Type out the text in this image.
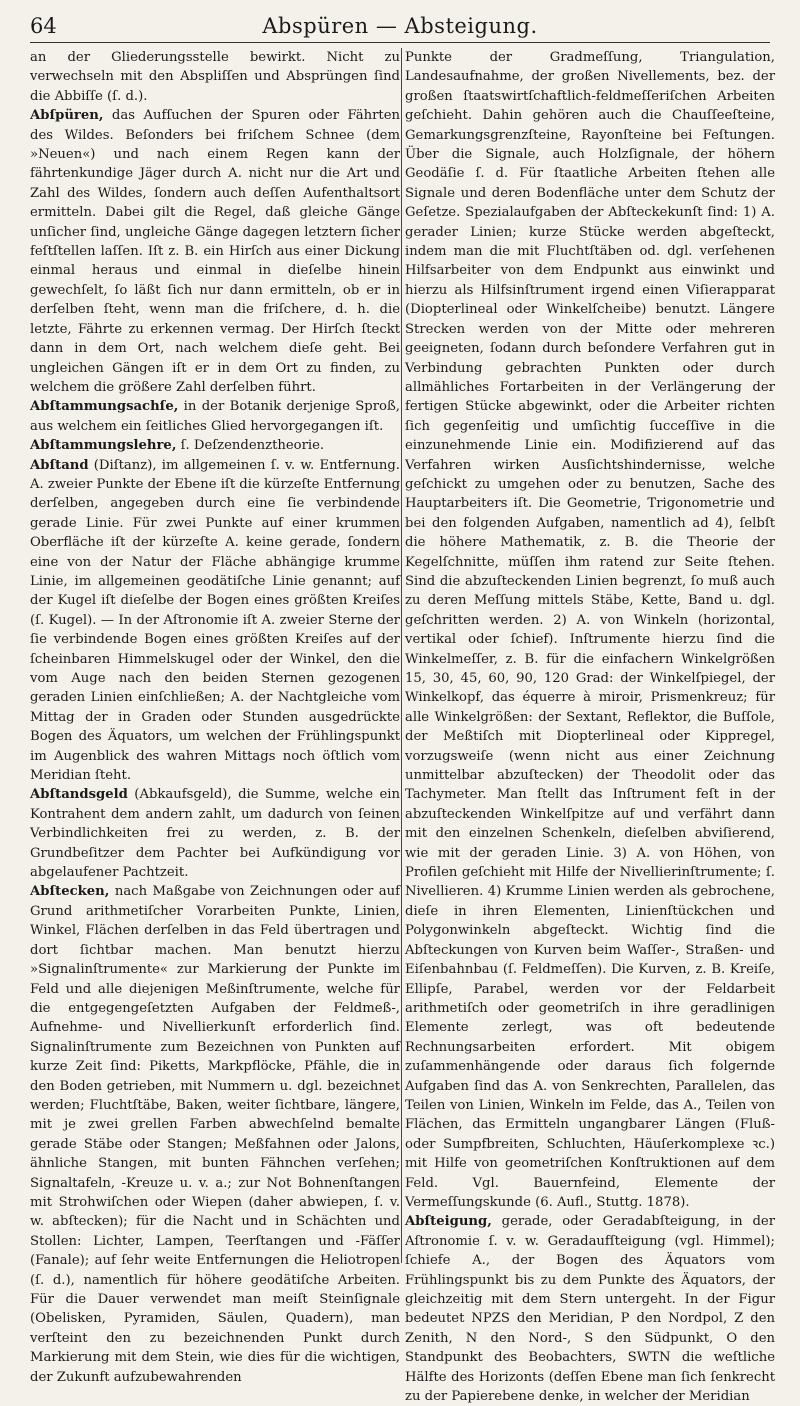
64	Abspüren — Absteigung.

an der Gliederungsstelle bewirkt. Nicht zu verwechseln mit den Abspliſſen und Absprüngen ſind die Abbiſſe (ſ. d.).

Abſpüren, das Aufſuchen der Spuren oder Fährten des Wildes. Beſonders bei friſchem Schnee (dem »Neuen«) und nach einem Regen kann der fährtenkundige Jäger durch A. nicht nur die Art und Zahl des Wildes, ſondern auch deſſen Aufenthaltsort ermitteln. Dabei gilt die Regel, daß gleiche Gänge unſicher ſind, ungleiche Gänge dagegen letztern ſicher feſtſtellen laſſen. Iſt z. B. ein Hirſch aus einer Dickung einmal heraus und einmal in dieſelbe hinein gewechſelt, ſo läßt ſich nur dann ermitteln, ob er in derſelben ſteht, wenn man die friſchere, d. h. die letzte, Fährte zu erkennen vermag. Der Hirſch ſteckt dann in dem Ort, nach welchem dieſe geht. Bei ungleichen Gängen iſt er in dem Ort zu finden, zu welchem die größere Zahl derſelben führt.

Abſtammungsachſe, in der Botanik derjenige Sproß, aus welchem ein ſeitliches Glied hervorgegangen iſt.

Abſtammungslehre, ſ. Deſzendenztheorie.

Abſtand (Diſtanz), im allgemeinen ſ. v. w. Entfernung. A. zweier Punkte der Ebene iſt die kürzeſte Entfernung derſelben, angegeben durch eine ſie verbindende gerade Linie. Für zwei Punkte auf einer krummen Oberfläche iſt der kürzeſte A. keine gerade, ſondern eine von der Natur der Fläche abhängige krumme Linie, im allgemeinen geodätiſche Linie genannt; auf der Kugel iſt dieſelbe der Bogen eines größten Kreiſes (ſ. Kugel). — In der Aſtronomie iſt A. zweier Sterne der ſie verbindende Bogen eines größten Kreiſes auf der ſcheinbaren Himmelskugel oder der Winkel, den die vom Auge nach den beiden Sternen gezogenen geraden Linien einſchließen; A. der Nachtgleiche vom Mittag der in Graden oder Stunden ausgedrückte Bogen des Äquators, um welchen der Frühlingspunkt im Augenblick des wahren Mittags noch öſtlich vom Meridian ſteht.

Abſtandsgeld (Abkaufsgeld), die Summe, welche ein Kontrahent dem andern zahlt, um dadurch von ſeinen Verbindlichkeiten frei zu werden, z. B. der Grundbeſitzer dem Pachter bei Aufkündigung vor abgelaufener Pachtzeit.

Abſtecken, nach Maßgabe von Zeichnungen oder auf Grund arithmetiſcher Vorarbeiten Punkte, Linien, Winkel, Flächen derſelben in das Feld übertragen und dort ſichtbar machen. Man benutzt hierzu »Signalinſtrumente« zur Markierung der Punkte im Feld und alle diejenigen Meßinſtrumente, welche für die entgegengeſetzten Aufgaben der Feldmeß-, Aufnehme- und Nivellierkunſt erforderlich ſind. Signalinſtrumente zum Bezeichnen von Punkten auf kurze Zeit ſind: Piketts, Markpflöcke, Pfähle, die in den Boden getrieben, mit Nummern u. dgl. bezeichnet werden; Fluchtſtäbe, Baken, weiter ſichtbare, längere, mit je zwei grellen Farben abwechſelnd bemalte gerade Stäbe oder Stangen; Meßfahnen oder Jalons, ähnliche Stangen, mit bunten Fähnchen verſehen; Signaltafeln, -Kreuze u. v. a.; zur Not Bohnenſtangen mit Strohwiſchen oder Wiepen (daher abwiepen, ſ. v. w. abſtecken); für die Nacht und in Schächten und Stollen: Lichter, Lampen, Teerſtangen und -Fäſſer (Fanale); auf ſehr weite Entfernungen die Heliotropen (ſ. d.), namentlich für höhere geodätiſche Arbeiten. Für die Dauer verwendet man meiſt Steinſignale (Obelisken, Pyramiden, Säulen, Quadern), man verſteint den zu bezeichnenden Punkt durch Markierung mit dem Stein, wie dies für die wichtigen, der Zukunft aufzubewahrenden

Punkte der Gradmeſſung, Triangulation, Landesaufnahme, der großen Nivellements, bez. der großen ſtaatswirtſchaftlich-feldmeſſeriſchen Arbeiten geſchieht. Dahin gehören auch die Chauſſeeſteine, Gemarkungsgrenzſteine, Rayonſteine bei Feſtungen. Über die Signale, auch Holzſignale, der höhern Geodäſie ſ. d. Für ſtaatliche Arbeiten ſtehen alle Signale und deren Bodenfläche unter dem Schutz der Geſetze. Spezialaufgaben der Abſteckekunſt ſind: 1) A. gerader Linien; kurze Stücke werden abgeſteckt, indem man die mit Fluchtſtäben od. dgl. verſehenen Hilfsarbeiter von dem Endpunkt aus einwinkt und hierzu als Hilfsinſtrument irgend einen Viſierapparat (Diopterlineal oder Winkelſcheibe) benutzt. Längere Strecken werden von der Mitte oder mehreren geeigneten, ſodann durch beſondere Verfahren gut in Verbindung gebrachten Punkten oder durch allmähliches Fortarbeiten in der Verlängerung der fertigen Stücke abgewinkt, oder die Arbeiter richten ſich gegenſeitig und umſichtig ſucceſſive in die einzunehmende Linie ein. Modifizierend auf das Verfahren wirken Ausſichtshindernisse, welche geſchickt zu umgehen oder zu benutzen, Sache des Hauptarbeiters iſt. Die Geometrie, Trigonometrie und bei den folgenden Aufgaben, namentlich ad 4), ſelbſt die höhere Mathematik, z. B. die Theorie der Kegelſchnitte, müſſen ihm ratend zur Seite ſtehen. Sind die abzuſteckenden Linien begrenzt, ſo muß auch zu deren Meſſung mittels Stäbe, Kette, Band u. dgl. geſchritten werden. 2) A. von Winkeln (horizontal, vertikal oder ſchief). Inſtrumente hierzu ſind die Winkelmeſſer, z. B. für die einfachern Winkelgrößen 15, 30, 45, 60, 90, 120 Grad: der Winkelſpiegel, der Winkelkopf, das équerre à miroir, Prismenkreuz; für alle Winkelgrößen: der Sextant, Reflektor, die Buſſole, der Meßtiſch mit Diopterlineal oder Kippregel, vorzugsweiſe (wenn nicht aus einer Zeichnung unmittelbar abzuſtecken) der Theodolit oder das Tachymeter. Man ſtellt das Inſtrument feſt in der abzuſteckenden Winkelſpitze auf und verfährt dann mit den einzelnen Schenkeln, dieſelben abviſierend, wie mit der geraden Linie. 3) A. von Höhen, von Profilen geſchieht mit Hilfe der Nivellierinſtrumente; ſ. Nivellieren. 4) Krumme Linien werden als gebrochene, dieſe in ihren Elementen, Linienſtückchen und Polygonwinkeln abgeſteckt. Wichtig ſind die Abſteckungen von Kurven beim Waſſer-, Straßen- und Eiſenbahnbau (ſ. Feldmeſſen). Die Kurven, z. B. Kreiſe, Ellipſe, Parabel, werden vor der Feldarbeit arithmetiſch oder geometriſch in ihre geradlinigen Elemente zerlegt, was oft bedeutende Rechnungsarbeiten erfordert. Mit obigem zuſammenhängende oder daraus ſich folgernde Aufgaben ſind das A. von Senkrechten, Parallelen, das Teilen von Linien, Winkeln im Felde, das A., Teilen von Flächen, das Ermitteln ungangbarer Längen (Fluß- oder Sumpfbreiten, Schluchten, Häuſerkomplexe ꝛc.) mit Hilfe von geometriſchen Konſtruktionen auf dem Feld. Vgl. Bauernfeind, Elemente der Vermeſſungskunde (6. Aufl., Stuttg. 1878).

Abſteigung, gerade, oder Geradabſteigung, in der Aſtronomie ſ. v. w. Geradaufſteigung (vgl. Himmel); ſchiefe A., der Bogen des Äquators vom Frühlingspunkt bis zu dem Punkte des Äquators, der gleichzeitig mit dem Stern untergeht. In der Figur bedeutet NPZS den Meridian, P den Nordpol, Z den Zenith, N den Nord-, S den Südpunkt, O den Standpunkt des Beobachters, SWTN die weſtliche Hälfte des Horizonts (deſſen Ebene man ſich ſenkrecht zu der Papierebene denke, in welcher der Meridian
